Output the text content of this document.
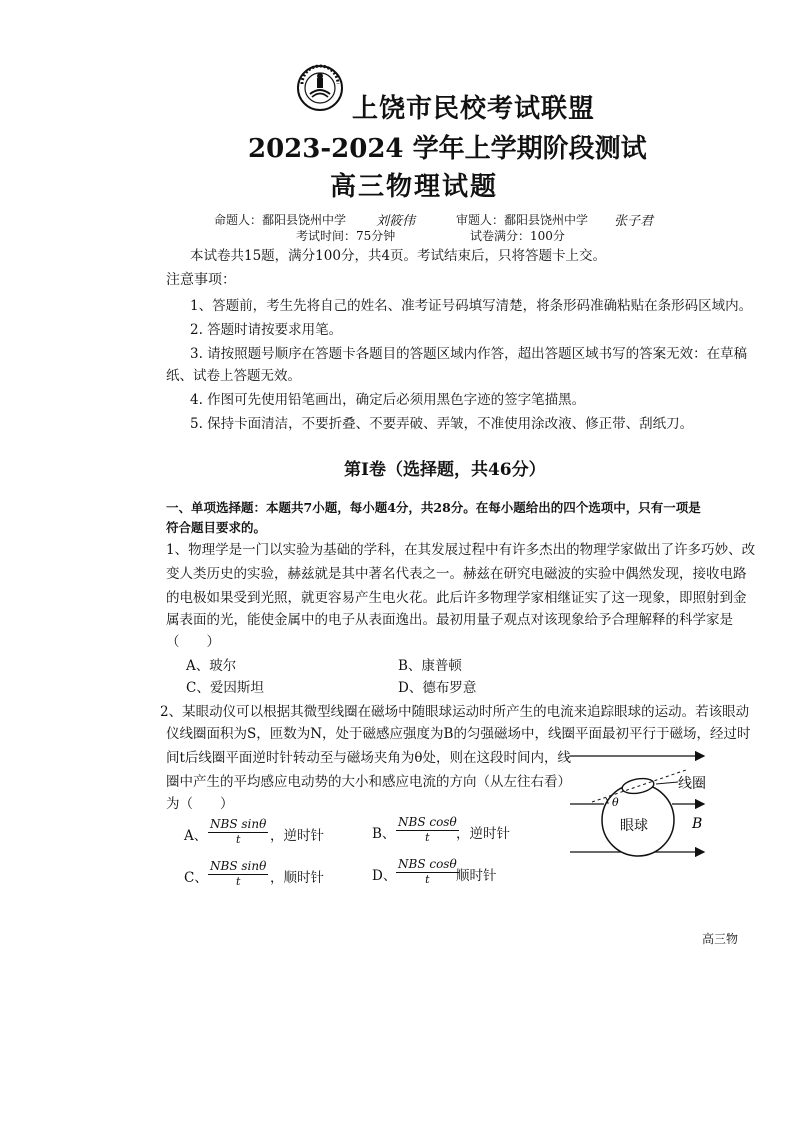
上饶市民校考试联盟
2023-2024 学年上学期阶段测试
高三物理试题
命题人：鄱阳县饶州中学 刘筱伟	审题人：鄱阳县饶州中学 张子君
考试时间：75分钟	试卷满分：100分
本试卷共15题，满分100分，共4页。考试结束后，只将答题卡上交。
注意事项：
1、答题前，考生先将自己的姓名、准考证号码填写清楚，将条形码准确粘贴在条形码区域内。
2. 答题时请按要求用笔。
3. 请按照题号顺序在答题卡各题目的答题区域内作答，超出答题区域书写的答案无效：在草稿
纸、试卷上答题无效。
4. 作图可先使用铅笔画出，确定后必须用黑色字迹的签字笔描黑。
5. 保持卡面清洁，不要折叠、不要弄破、弄皱，不准使用涂改液、修正带、刮纸刀。
第Ⅰ卷（选择题，共46分）
一、单项选择题：本题共7小题，每小题4分，共28分。在每小题给出的四个选项中，只有一项是
符合题目要求的。
1、物理学是一门以实验为基础的学科，在其发展过程中有许多杰出的物理学家做出了许多巧妙、改
变人类历史的实验，赫兹就是其中著名代表之一。赫兹在研究电磁波的实验中偶然发现，接收电路
的电极如果受到光照，就更容易产生电火花。此后许多物理学家相继证实了这一现象，即照射到金
属表面的光，能使金属中的电子从表面逸出。最初用量子观点对该现象给予合理解释的科学家是
（　　）
A、玻尔	B、康普顿
C、爱因斯坦	D、德布罗意
2、某眼动仪可以根据其微型线圈在磁场中随眼球运动时所产生的电流来追踪眼球的运动。若该眼动
仪线圈面积为S，匝数为N，处于磁感应强度为B的匀强磁场中，线圈平面最初平行于磁场，经过时
间t后线圈平面逆时针转动至与磁场夹角为θ处，则在这段时间内，线
圈中产生的平均感应电动势的大小和感应电流的方向（从左往右看）
为（　　）
A、
NBS sinθ
t	，逆时针	B、
NBS cosθ
t	，逆时针
C、
NBS sinθ
t	，顺时针	D、
NBS cosθ
t	顺时针
θ
线圈
眼球	B
高三物
